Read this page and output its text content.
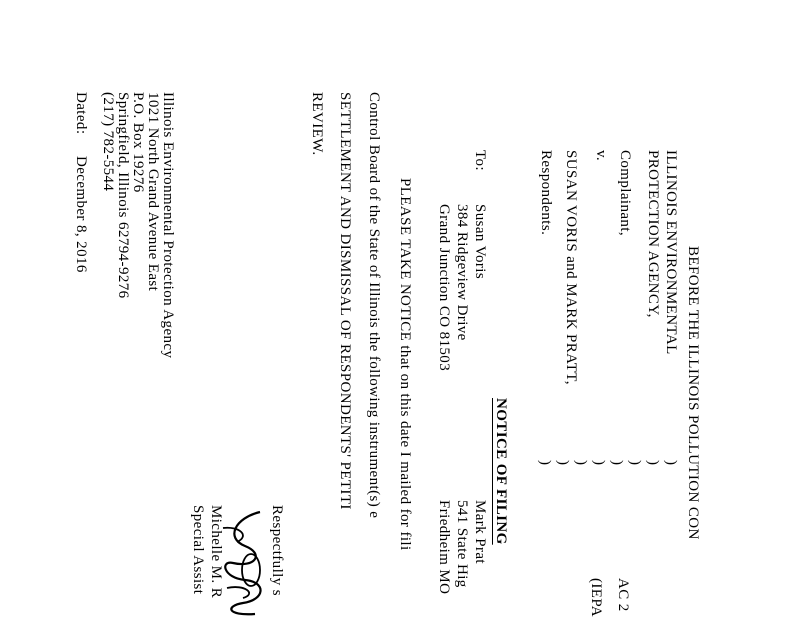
BEFORE THE ILLINOIS POLLUTION CON
ILLINOIS ENVIRONMENTAL
PROTECTION AGENCY,
Complainant,
v.
SUSAN VORIS and MARK PRATT,
Respondents.
)
)
)
)
)
)
)
)
AC 2
(IEPA
NOTICE OF FILING
To:
Susan Voris
384 Ridgeview Drive
Grand Junction CO 81503
Mark Prat
541 State Hig
Friedheim MO
PLEASE TAKE NOTICE that on this date I mailed for fili
Control Board of the State of Illinois the following instrument(s) e
SETTLEMENT AND DISMISSAL OF RESPONDENTS' PETITI
REVIEW.
Respectfully s
Michelle M. R
Special Assist
Illinois Environmental Protection Agency
1021 North Grand Avenue East
P.O. Box 19276
Springfield, Illinois 62794-9276
(217) 782-5544
Dated:
December 8, 2016
